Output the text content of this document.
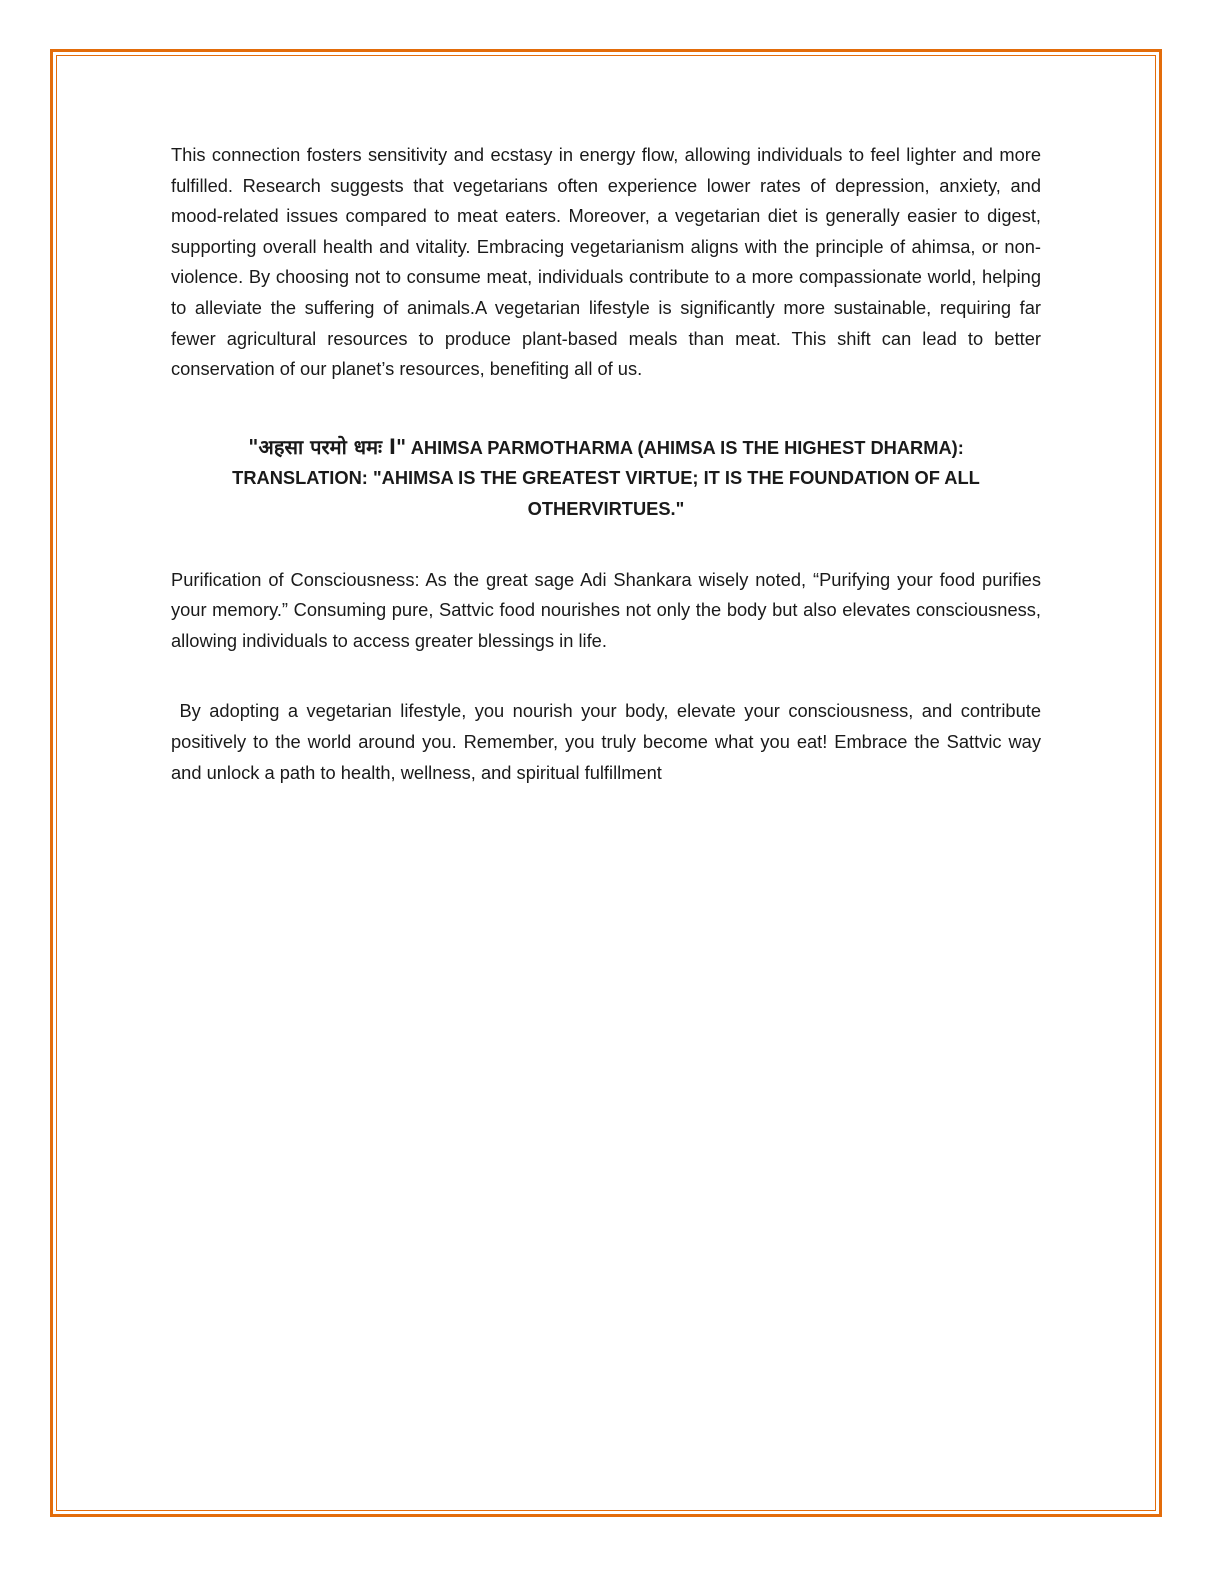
This connection fosters sensitivity and ecstasy in energy flow, allowing individuals to feel lighter and more fulfilled. Research suggests that vegetarians often experience lower rates of depression, anxiety, and mood-related issues compared to meat eaters. Moreover, a vegetarian diet is generally easier to digest, supporting overall health and vitality. Embracing vegetarianism aligns with the principle of ahimsa, or non-violence. By choosing not to consume meat, individuals contribute to a more compassionate world, helping to alleviate the suffering of animals.A vegetarian lifestyle is significantly more sustainable, requiring far fewer agricultural resources to produce plant-based meals than meat. This shift can lead to better conservation of our planet’s resources, benefiting all of us.

"अहसा परमो धमः l" AHIMSA PARMOTHARMA (AHIMSA IS THE HIGHEST DHARMA):
TRANSLATION: "AHIMSA IS THE GREATEST VIRTUE; IT IS THE FOUNDATION OF ALL OTHERVIRTUES."

Purification of Consciousness: As the great sage Adi Shankara wisely noted, “Purifying your food purifies your memory.” Consuming pure, Sattvic food nourishes not only the body but also elevates consciousness, allowing individuals to access greater blessings in life.

By adopting a vegetarian lifestyle, you nourish your body, elevate your consciousness, and contribute positively to the world around you. Remember, you truly become what you eat! Embrace the Sattvic way and unlock a path to health, wellness, and spiritual fulfillment
